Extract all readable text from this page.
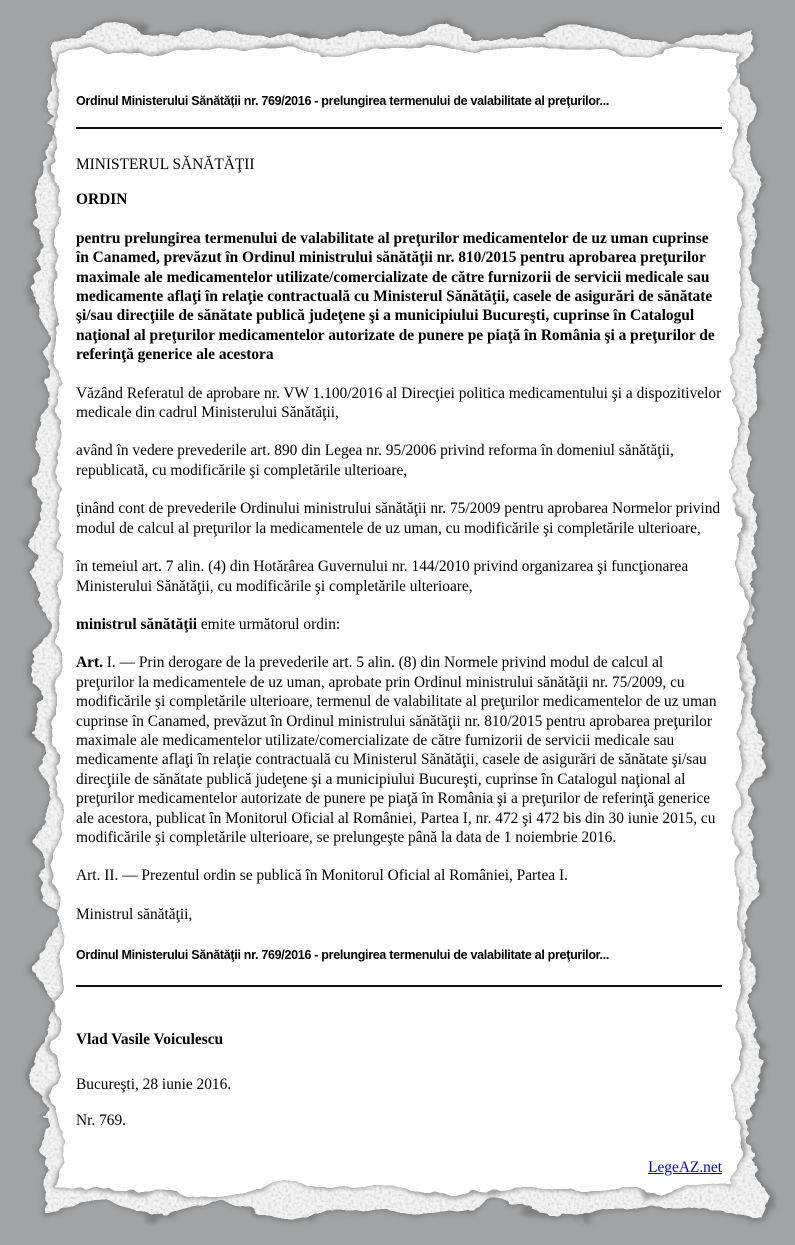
Ordinul Ministerului Sănătăţii nr. 769/2016 - prelungirea termenului de valabilitate al preţurilor...
MINISTERUL SĂNĂTĂŢII
ORDIN

pentru prelungirea termenului de valabilitate al preţurilor medicamentelor de uz uman cuprinse în Canamed, prevăzut în Ordinul ministrului sănătăţii nr. 810/2015 pentru aprobarea preţurilor maximale ale medicamentelor utilizate/comercializate de către furnizorii de servicii medicale sau medicamente aflaţi în relaţie contractuală cu Ministerul Sănătăţii, casele de asigurări de sănătate şi/sau direcţiile de sănătate publică judeţene şi a municipiului Bucureşti, cuprinse în Catalogul naţional al preţurilor medicamentelor autorizate de punere pe piaţă în România şi a preţurilor de referinţă generice ale acestora

Văzând Referatul de aprobare nr. VW 1.100/2016 al Direcţiei politica medicamentului şi a dispozitivelor medicale din cadrul Ministerului Sănătăţii,

având în vedere prevederile art. 890 din Legea nr. 95/2006 privind reforma în domeniul sănătăţii, republicată, cu modificările şi completările ulterioare,

ţinând cont de prevederile Ordinului ministrului sănătăţii nr. 75/2009 pentru aprobarea Normelor privind modul de calcul al preţurilor la medicamentele de uz uman, cu modificările şi completările ulterioare,

în temeiul art. 7 alin. (4) din Hotărârea Guvernului nr. 144/2010 privind organizarea şi funcţionarea Ministerului Sănătăţii, cu modificările şi completările ulterioare,

ministrul sănătăţii emite următorul ordin:

Art. I. — Prin derogare de la prevederile art. 5 alin. (8) din Normele privind modul de calcul al preţurilor la medicamentele de uz uman, aprobate prin Ordinul ministrului sănătăţii nr. 75/2009, cu modificările şi completările ulterioare, termenul de valabilitate al preţurilor medicamentelor de uz uman cuprinse în Canamed, prevăzut în Ordinul ministrului sănătăţii nr. 810/2015 pentru aprobarea preţurilor maximale ale medicamentelor utilizate/comercializate de către furnizorii de servicii medicale sau medicamente aflaţi în relaţie contractuală cu Ministerul Sănătăţii, casele de asigurări de sănătate şi/sau direcţiile de sănătate publică judeţene şi a municipiului Bucureşti, cuprinse în Catalogul naţional al preţurilor medicamentelor autorizate de punere pe piaţă în România şi a preţurilor de referinţă generice ale acestora, publicat în Monitorul Oficial al României, Partea I, nr. 472 şi 472 bis din 30 iunie 2015, cu modificările şi completările ulterioare, se prelungeşte până la data de 1 noiembrie 2016.

Art. II. — Prezentul ordin se publică în Monitorul Oficial al României, Partea I.

Ministrul sănătăţii,

Ordinul Ministerului Sănătăţii nr. 769/2016 - prelungirea termenului de valabilitate al preţurilor...
Vlad Vasile Voiculescu
Bucureşti, 28 iunie 2016.
Nr. 769.
LegeAZ.net
